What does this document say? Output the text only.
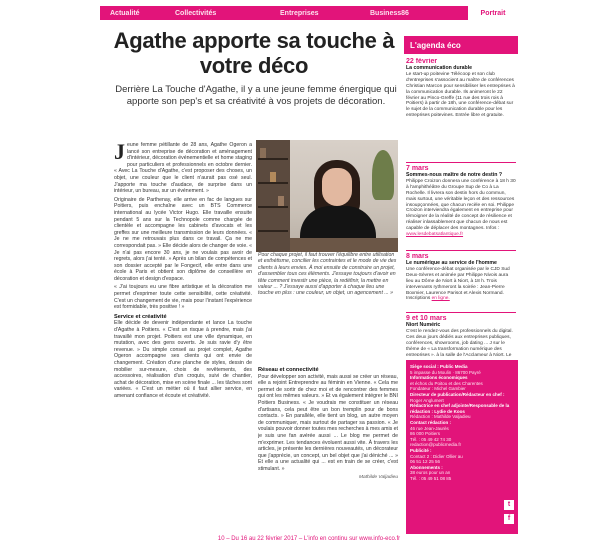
Actualité	Collectivités	Entreprises	Business86	Portrait
Agathe apporte sa touche à votre déco
Derrière La Touche d'Agathe, il y a une jeune femme énergique qui apporte son pep's et sa créativité à vos projets de décoration.
Pour chaque projet, il faut trouver l'équilibre entre utilisation et esthétisme, concilier les contraintes et le mode de vie des clients à leurs envies. À moi ensuite de construire un projet, d'assembler tous ces éléments. J'essaye toujours d'avoir en tête comment investir une pièce, la redéfinir, la mettre en valeur ... ? J'essaye aussi d'apporter à chaque lieu une touche en plus : une couleur, un objet, un agencement ... »
J eune femme pétillante de 28 ans, Agathe Ogeron a lancé son entreprise de décoration et aménagement d'intérieur, décoration événementielle et home staging pour particuliers et professionnels en octobre dernier. « Avec La Touche d'Agathe, c'est proposer des choses, un objet, une couleur que le client n'aurait pas osé seul. J'apporte ma touche d'audace, de surprise dans un intérieur, un bureau, sur un événement. »

Originaire de Parthenay, elle arrive en fac de langues sur Poitiers, puis enchaîne avec un BTS Commerce international au lycée Victor Hugo. Elle travaille ensuite pendant 5 ans sur la Technopole comme chargée de clientèle et accompagne les cabinets d'avocats et les greffes sur une meilleure transmission de leurs données. « Je ne me retrouvais plus dans ce travail. Ça ne me correspondait pas. » Elle décide alors de changer de voie. « Je n'ai pas encore 30 ans, je ne voulais pas avoir de regrets, alors j'ai tenté. » Après un bilan de compétences et son dossier accepté par le Fongecif, elle entre dans une école à Paris et obtient son diplôme de conseillère en décoration et design d'espace.

« J'ai toujours eu une fibre artistique et la décoration me permet d'exprimer toute cette sensibilité, cette créativité. C'est un changement de vie, mais pour l'instant l'expérience est formidable, très positive ! »

Service et créativité

Elle décide de devenir indépendante et lance La touche d'Agathe à Poitiers. « C'est un risque à prendre, mais j'ai travaillé mon projet. Poitiers est une ville dynamique, en mutation, avec des gens ouverts. Je suis ravie d'y être revenue. » Du simple conseil au projet complet, Agathe Ogeron accompagne ses clients qui ont envie de changement. Création d'une planche de styles, dessin de mobilier sur-mesure, choix de revêtements, des accessoires, réalisation d'un croquis, suivi de chantier, achat de décoration, mise en scène finale ... les tâches sont variées. « C'est un métier où il faut allier service, en amenant confiance et écoute et créativité.

Réseau et connectivité

Pour développer son activité, mais aussi se créer un réseau, elle a rejoint Entreprendre au féminin en Vienne. « Cela me permet de sortir de chez moi et de rencontrer des femmes qui ont les mêmes valeurs. » Et va également intégrer le BNI Poitiers Business. « Je voudrais me constituer un réseau d'artisans, cela peut être un bon tremplin pour de bons contacts. » En parallèle, elle tient un blog, un autre moyen de communiquer, mais surtout de partager sa passion. « Je voulais pouvoir donner toutes mes recherches à mes amis et je suis une fan avérée aussi ... Le blog me permet de m'exprimer. Les tendances évoluent aussi vite. À travers les articles, je présente les dernières nouveautés, un décorateur que j'apprécie, un concept, un bel objet que j'ai déniché ... » Et elle a une actualité qui ... est en train de se créer, c'est stimulant. »

Mathilde Valjadieu
L'agenda éco
22 février
La communication durable
Le start-up poitevine Télécoop et son club d'entreprises s'associent au maître de conférences Christian Marcon pour sensibiliser les entreprises à la communication durable. Ils animeront le 22 février au Pinco-Greffe (11 rue des trois rois à Poitiers) à partir de 18h, une conférence-débat sur le sujet de la communication durable pour les entreprises poitevines. Entrée libre et gratuite.
7 mars
Sommes-nous maître de notre destin ?
Philippe Croizon donnera une conférence à 18 h 30 à l'amphithéâtre du Groupe Sup de Co à La Rochelle. Il livrera son destin hors du commun, mais surtout, une véritable leçon et des ressources insoupçonnées, que chacun recèle en soi. Philippe Croizon interviendra également en entreprise pour témoigner de la réalité de concept de résilience et réaliser inlassablement que chacun de nous est capable de déplacer des montagnes. Infos : www.lesdebatsatlantique.fr
8 mars
Le numérique au service de l'homme
Une conférence-débat organisée par le CJD Sud Deux-Sèvres et animée par Philippe Nivois aura lieu au Dôme de Niort à Niort, à 18 h. Trois intervenants rythmeront la soirée : Jean-Pierre Boxmier, Laurence Parisot et Alexis Normand. Inscriptions en ligne.
9 et 10 mars
Niort Numéric
C'est le rendez-vous des professionnels du digital. Ces deux jours dédiés aux entreprises publiques, conférences, showrooms, job dating ... J sur le thème de « La transformation numérique des entreprises », à la salle de l'Acclameur à Niort. Le
Siège social : Public Media
5 impasse du Moulin · 86700 Payré
Informations économiques
et échos du Poitou et des Charentes
Fondateur : Michel Gambier
Directeur de publication/Rédacteur en chef :
Roger Anglumert
Rédactrice en chef adjointe/Responsable de la rédaction : Lydie de Koos
Rédaction : Mathilde Valjadieu
Contact rédaction :
46 rue Jean-Jaurès
86 000 Poitiers
Tél. : 05 49 42 74 30
redaction@publicmedia.fr
Publicité :
Contact 2 : Didier Ollier au
06 51 12 25 56
Abonnements :
38 euros pour un an
Tél. : 05 49 51 08 85
t
f
10 – Du 16 au 22 février 2017 – L'info en continu sur www.info-eco.fr
